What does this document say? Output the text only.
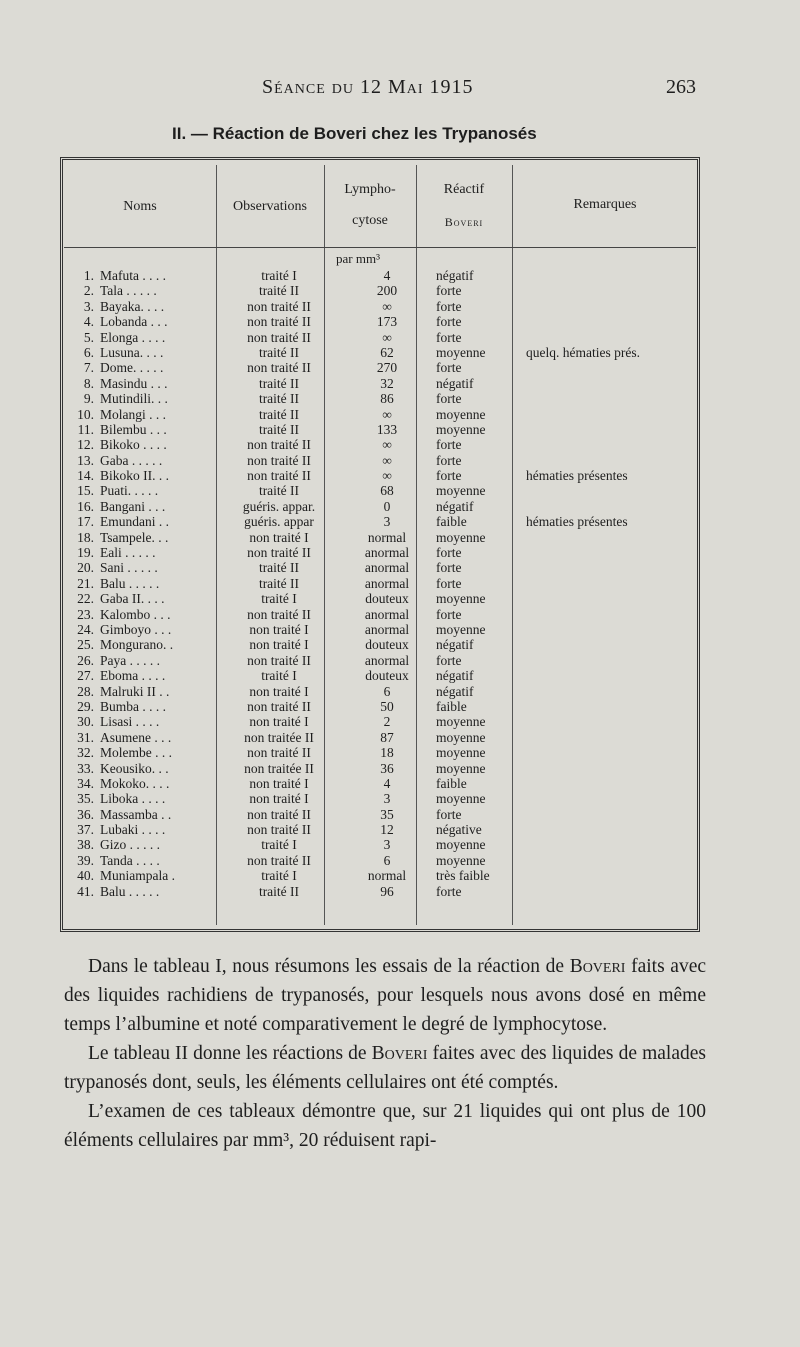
Séance du 12 Mai 1915	263
II. — Réaction de Boveri chez les Trypanosés
Noms	Observations
Lympho-
cytose
Réactif
Boveri
Remarques
par mm³
1. Mafuta . . . .	traité I	4	négatif
2. Tala . . . . .	traité II	200	forte
3. Bayaka. . . .	non traité II	∞	forte
4. Lobanda . . .	non traité II	173	forte
5. Elonga . . . .	non traité II	∞	forte
6. Lusuna. . . .	traité II	62	moyenne	quelq. hématies prés.
7. Dome. . . . .	non traité II	270	forte
8. Masindu . . .	traité II	32	négatif
9. Mutindili. . .	traité II	86	forte
10. Molangi . . .	traité II	∞	moyenne
11. Bilembu . . .	traité II	133	moyenne
12. Bikoko . . . .	non traité II	∞	forte
13. Gaba . . . . .	non traité II	∞	forte
14. Bikoko II. . .	non traité II	∞	forte	hématies présentes
15. Puati. . . . .	traité II	68	moyenne
16. Bangani . . .	guéris. appar.	0	négatif
17. Emundani . .	guéris. appar	3	faible	hématies présentes
18. Tsampele. . .	non traité I	normal	moyenne
19. Eali . . . . .	non traité II	anormal	forte
20. Sani . . . . .	traité II	anormal	forte
21. Balu . . . . .	traité II	anormal	forte
22. Gaba II. . . .	traité I	douteux	moyenne
23. Kalombo . . .	non traité II	anormal	forte
24. Gimboyo . . .	non traité I	anormal	moyenne
25. Mongurano. .	non traité I	douteux	négatif
26. Paya . . . . .	non traité II	anormal	forte
27. Eboma . . . .	traité I	douteux	négatif
28. Malruki II . .	non traité I	6	négatif
29. Bumba . . . .	non traité II	50	faible
30. Lisasi . . . .	non traité I	2	moyenne
31. Asumene . . .	non traitée II	87	moyenne
32. Molembe . . .	non traité II	18	moyenne
33. Keousiko. . .	non traitée II	36	moyenne
34. Mokoko. . . .	non traité I	4	faible
35. Liboka . . . .	non traité I	3	moyenne
36. Massamba . .	non traité II	35	forte
37. Lubaki . . . .	non traité II	12	négative
38. Gizo . . . . .	traité I	3	moyenne
39. Tanda . . . .	non traité II	6	moyenne
40. Muniampala .	traité I	normal	très faible
41. Balu . . . . .	traité II	96	forte

Dans le tableau I, nous résumons les essais de la réaction de Boveri faits avec des liquides rachidiens de trypanosés, pour lesquels nous avons dosé en même temps l’albumine et noté comparativement le degré de lymphocytose.

Le tableau II donne les réactions de Boveri faites avec des liquides de malades trypanosés dont, seuls, les éléments cellulaires ont été comptés.

L’examen de ces tableaux démontre que, sur 21 liquides qui ont plus de 100 éléments cellulaires par mm³, 20 réduisent rapi-
